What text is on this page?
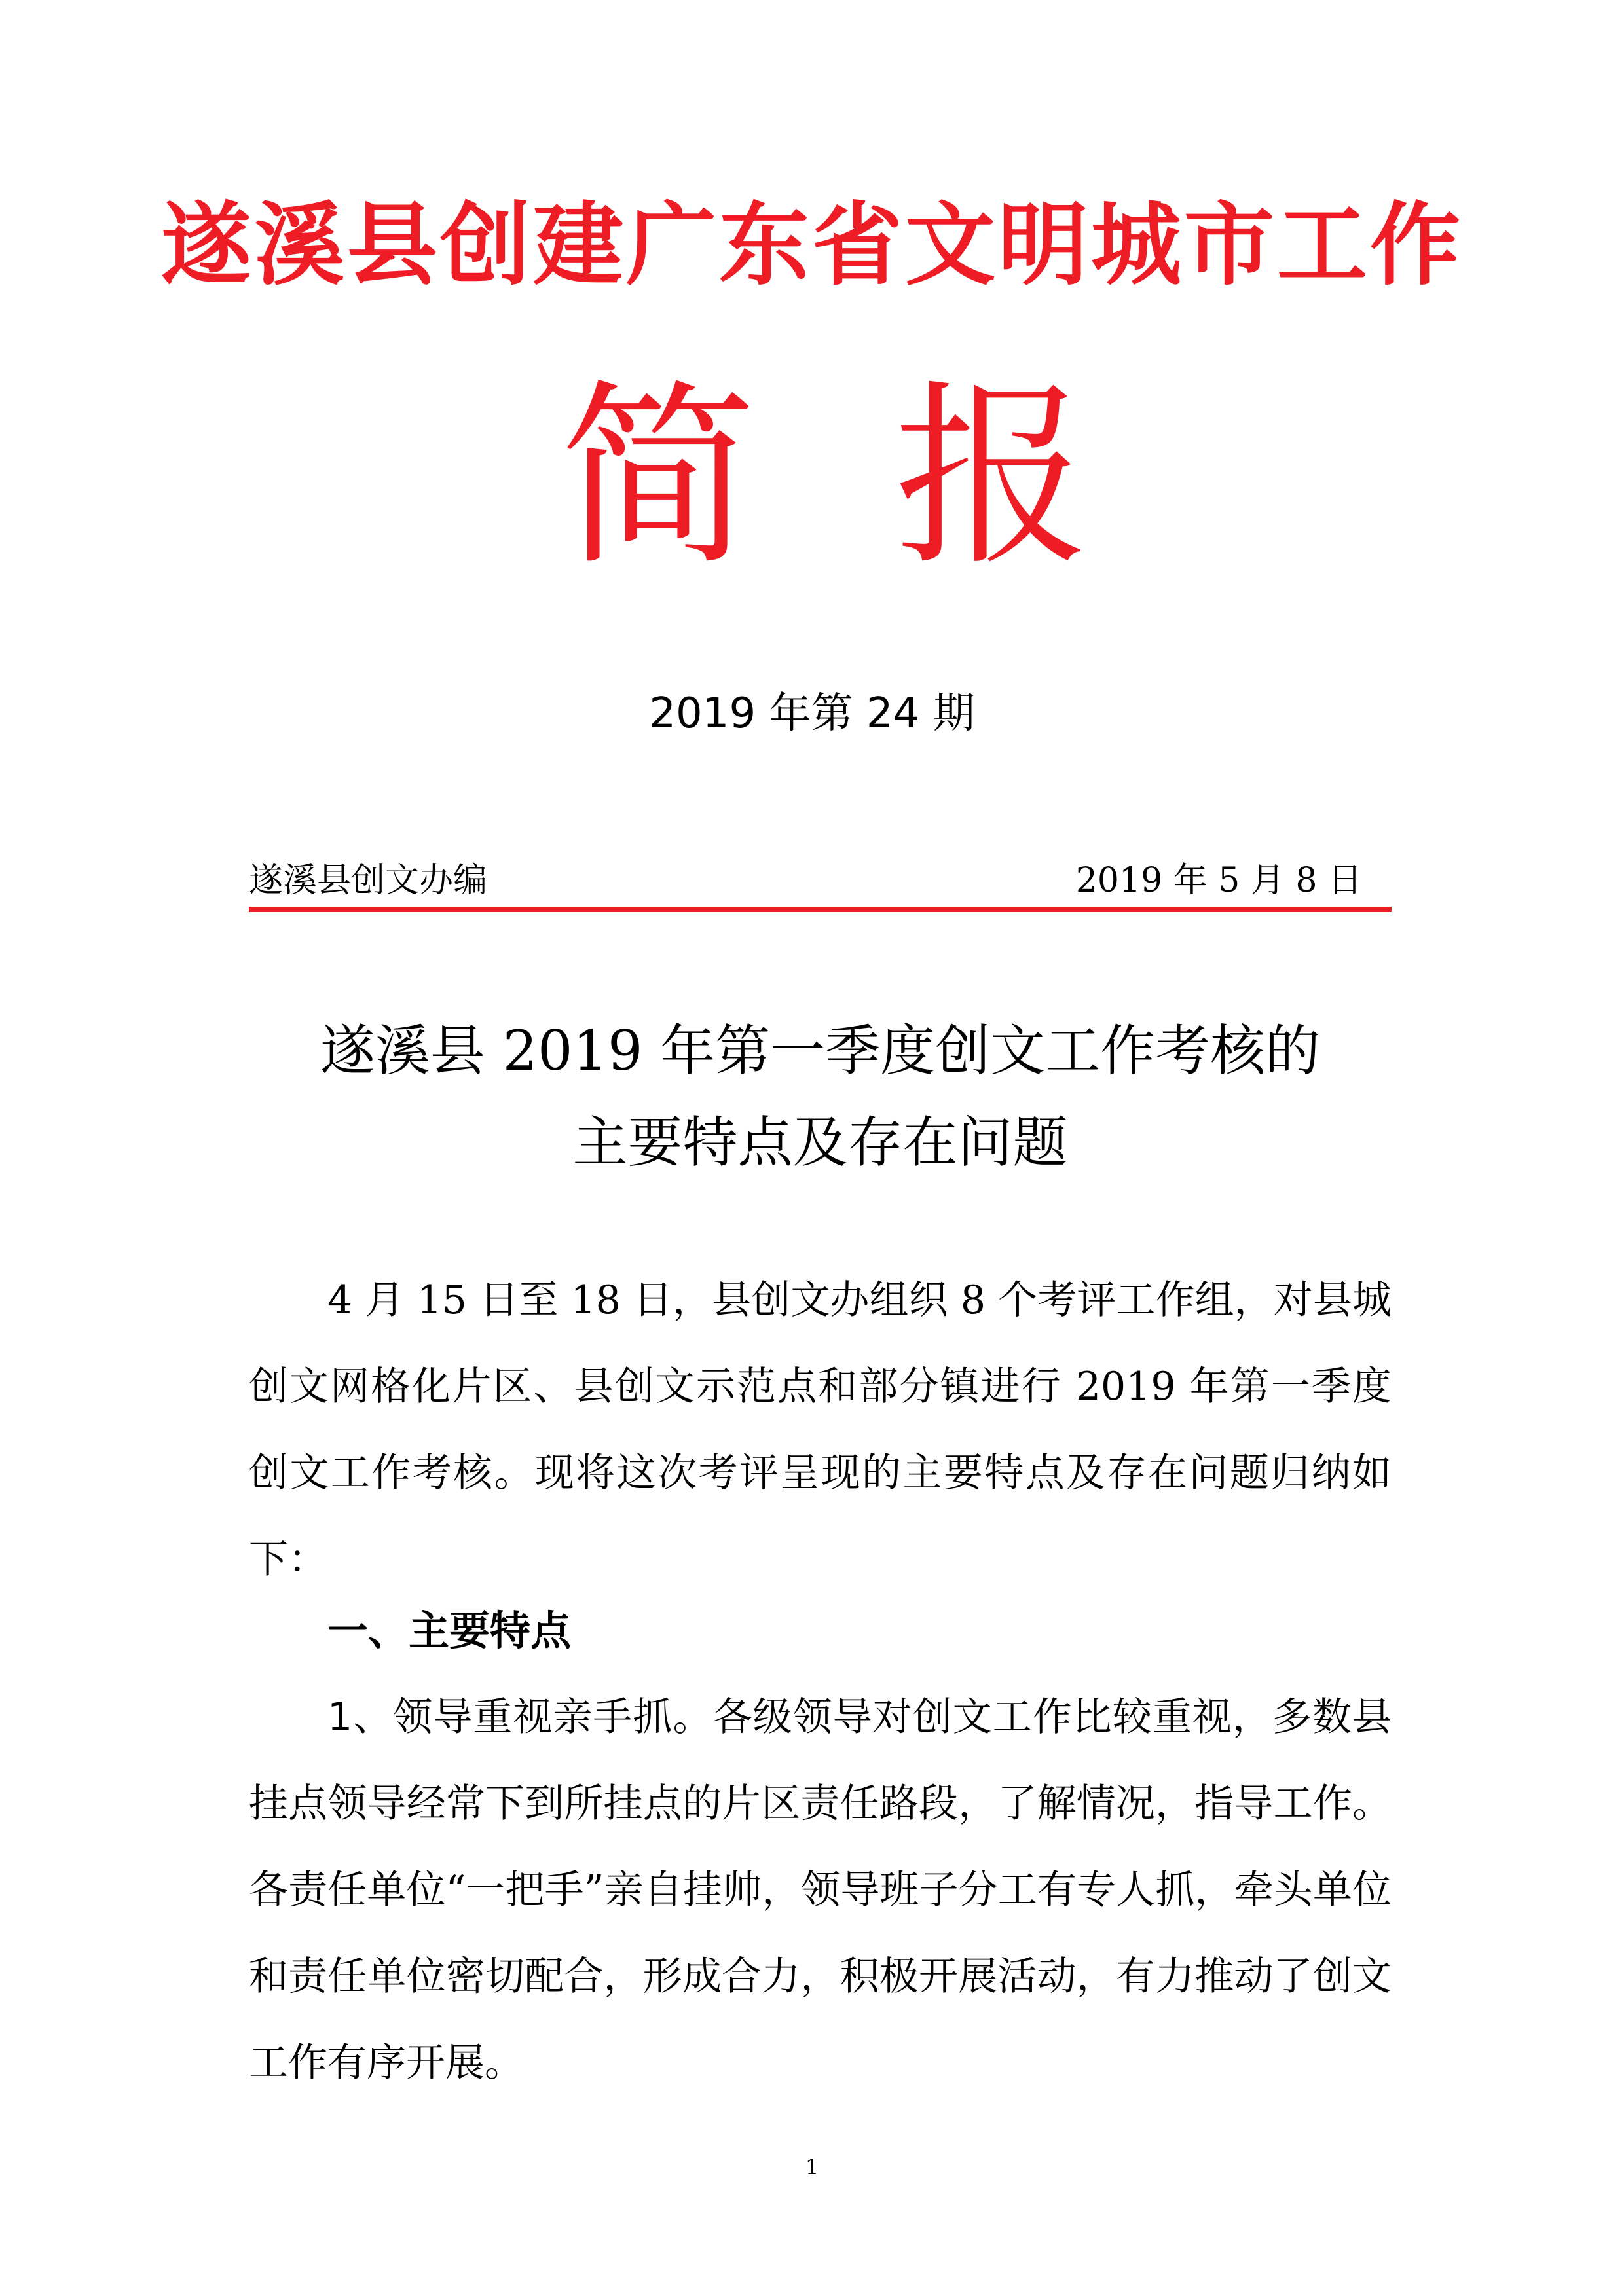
遂溪县创建广东省文明城市工作
简 报
2019 年第 24 期
遂溪县创文办编	2019 年 5 月 8 日
遂溪县 2019 年第一季度创文工作考核的
主要特点及存在问题

4 月 15 日至 18 日，县创文办组织 8 个考评工作组，对县城创文网格化片区、县创文示范点和部分镇进行 2019 年第一季度创文工作考核。现将这次考评呈现的主要特点及存在问题归纳如下：

一、主要特点

1、领导重视亲手抓。各级领导对创文工作比较重视，多数县挂点领导经常下到所挂点的片区责任路段，了解情况，指导工作。各责任单位“一把手”亲自挂帅，领导班子分工有专人抓，牵头单位和责任单位密切配合，形成合力，积极开展活动，有力推动了创文工作有序开展。

1
